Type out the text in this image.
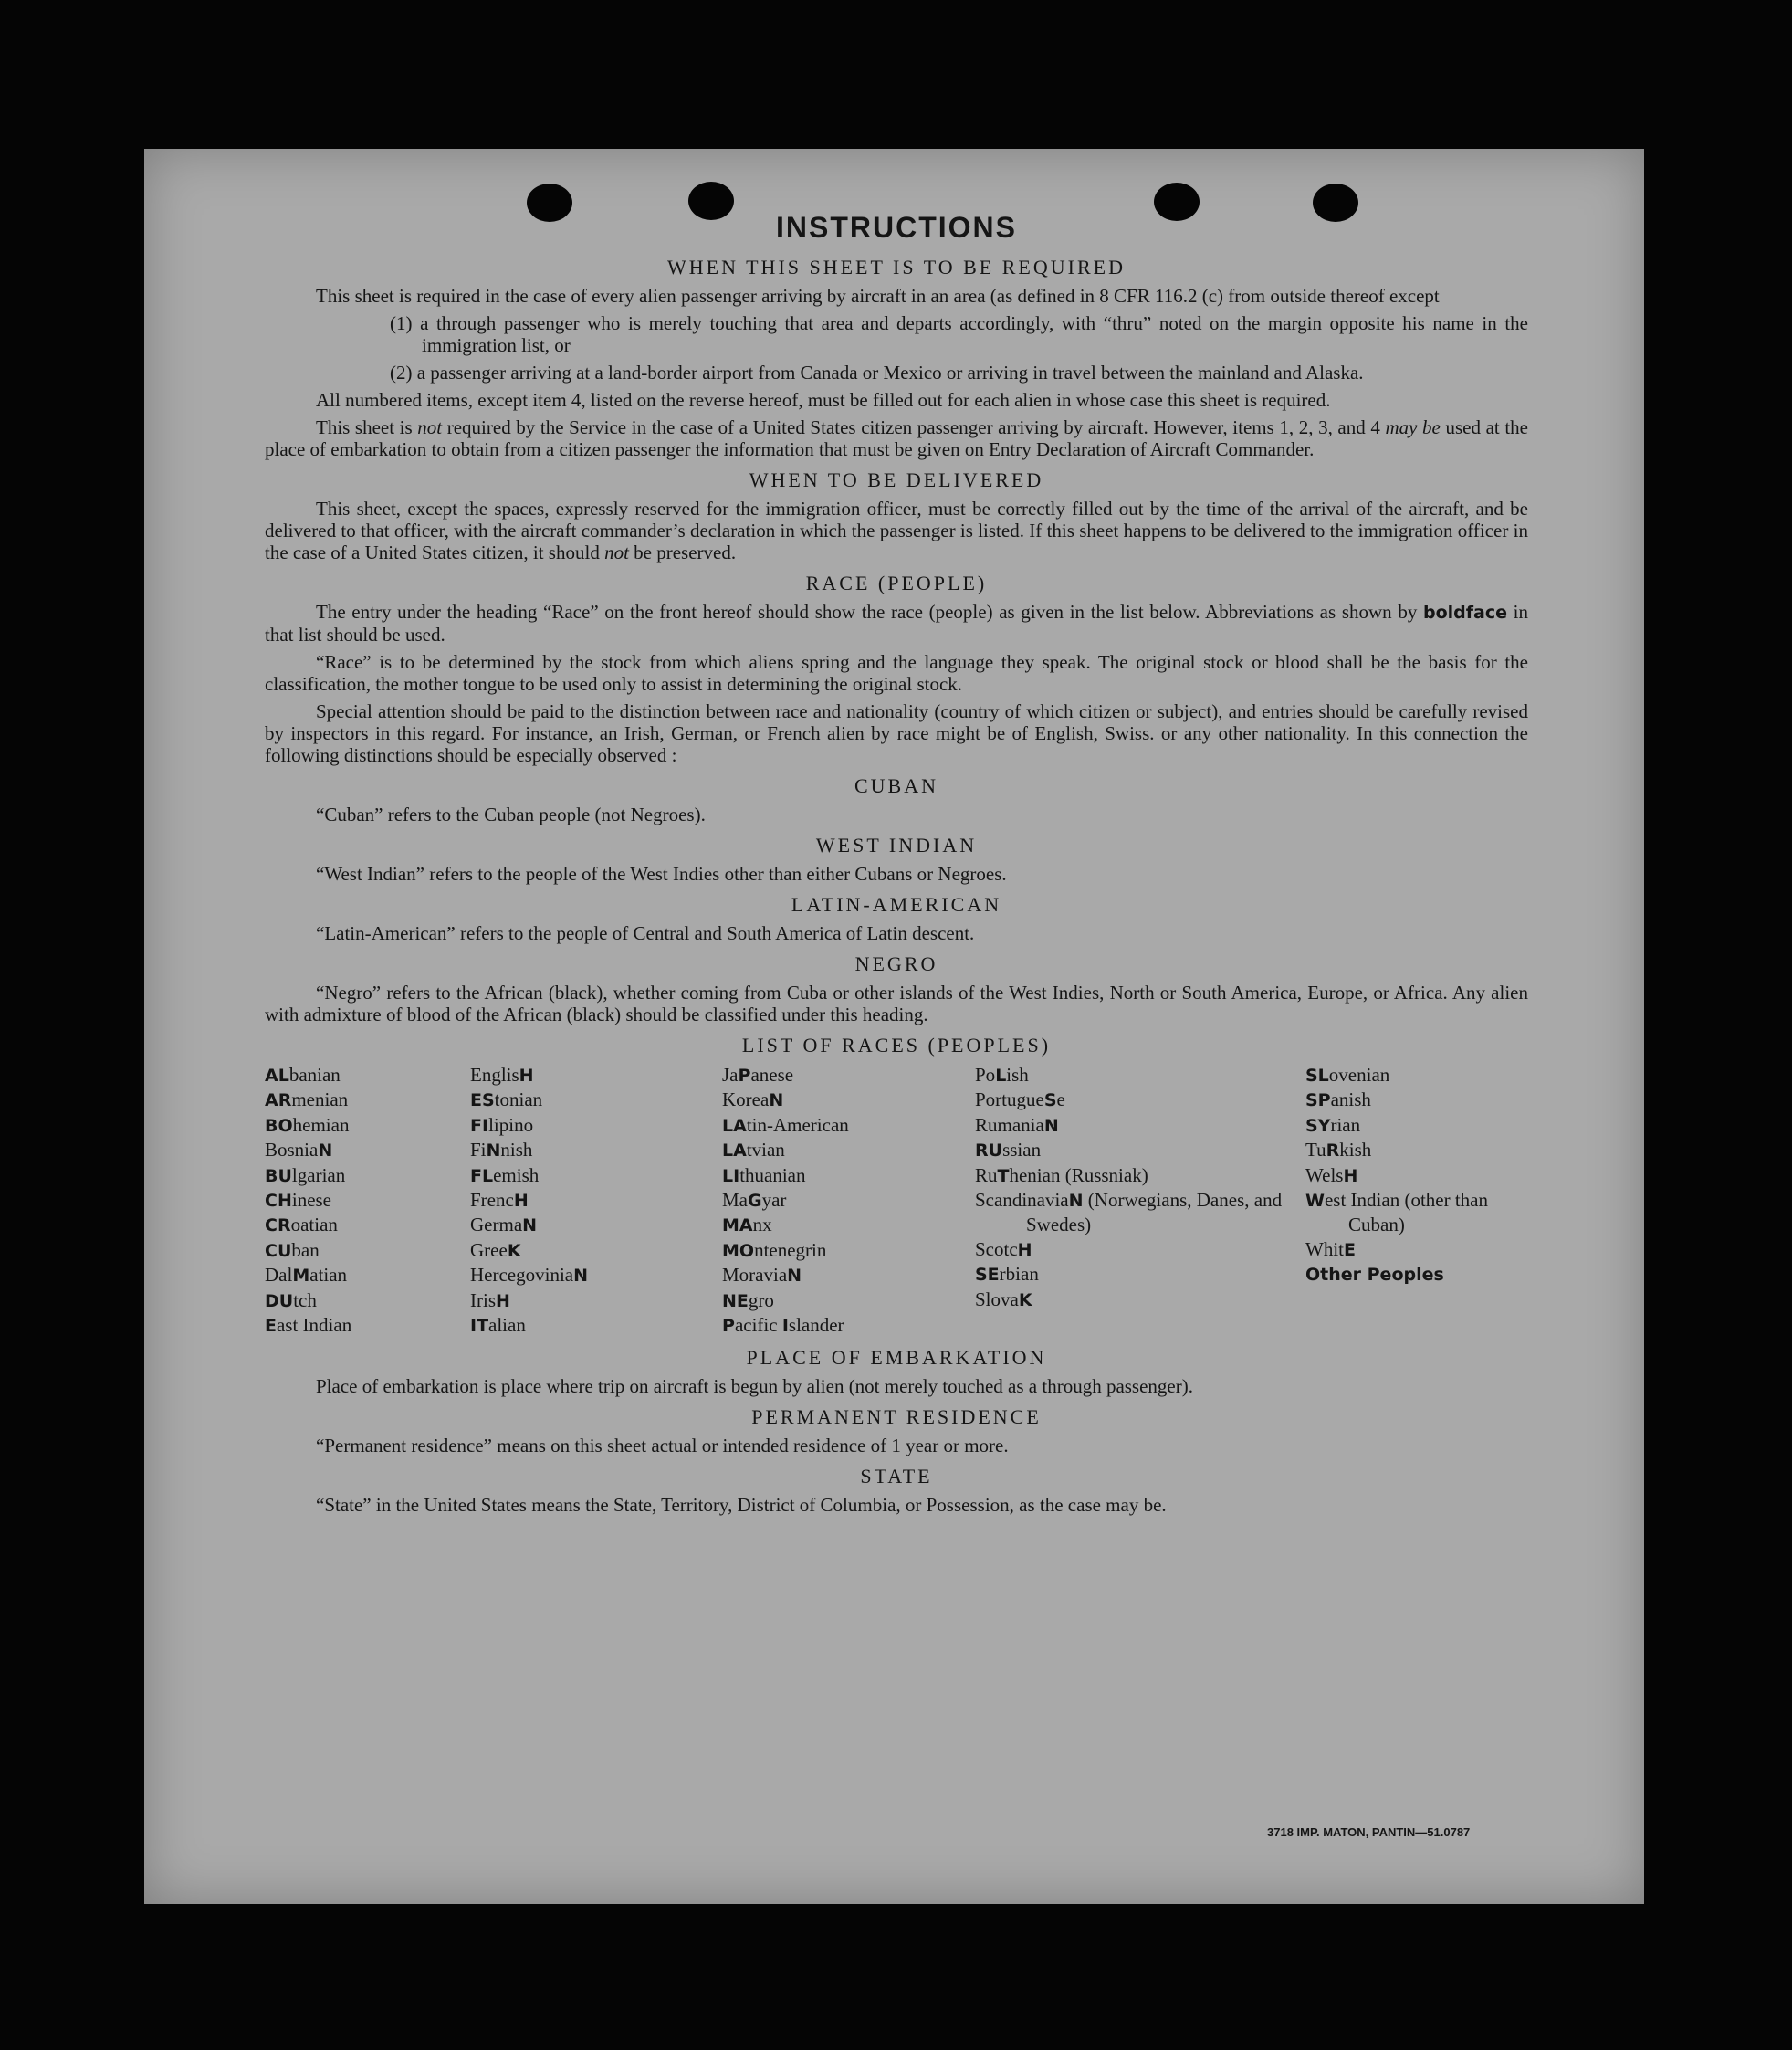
INSTRUCTIONS
WHEN THIS SHEET IS TO BE REQUIRED

This sheet is required in the case of every alien passenger arriving by aircraft in an area (as defined in 8 CFR 116.2 (c) from outside thereof except

(1) a through passenger who is merely touching that area and departs accordingly, with “thru” noted on the margin opposite his name in the immigration list, or

(2) a passenger arriving at a land-border airport from Canada or Mexico or arriving in travel between the mainland and Alaska.

All numbered items, except item 4, listed on the reverse hereof, must be filled out for each alien in whose case this sheet is required.

This sheet is not required by the Service in the case of a United States citizen passenger arriving by aircraft. However, items 1, 2, 3, and 4 may be used at the place of embarkation to obtain from a citizen passenger the information that must be given on Entry Declaration of Aircraft Commander.

WHEN TO BE DELIVERED

This sheet, except the spaces, expressly reserved for the immigration officer, must be correctly filled out by the time of the arrival of the aircraft, and be delivered to that officer, with the aircraft commander’s declaration in which the passenger is listed. If this sheet happens to be delivered to the immigration officer in the case of a United States citizen, it should not be preserved.

RACE (PEOPLE)

The entry under the heading “Race” on the front hereof should show the race (people) as given in the list below. Abbreviations as shown by boldface in that list should be used.

“Race” is to be determined by the stock from which aliens spring and the language they speak. The original stock or blood shall be the basis for the classification, the mother tongue to be used only to assist in determining the original stock.

Special attention should be paid to the distinction between race and nationality (country of which citizen or subject), and entries should be carefully revised by inspectors in this regard. For instance, an Irish, German, or French alien by race might be of English, Swiss. or any other nationality. In this connection the following distinctions should be especially observed :

CUBAN

“Cuban” refers to the Cuban people (not Negroes).

WEST INDIAN

“West Indian” refers to the people of the West Indies other than either Cubans or Negroes.

LATIN-AMERICAN

“Latin-American” refers to the people of Central and South America of Latin descent.

NEGRO

“Negro” refers to the African (black), whether coming from Cuba or other islands of the West Indies, North or South America, Europe, or Africa. Any alien with admixture of blood of the African (black) should be classified under this heading.

LIST OF RACES (PEOPLES)
ALbanian
ARmenian
BOhemian
BosniaN
BUlgarian
CHinese
CRoatian
CUban
DalMatian
DUtch
East Indian
EnglisH
EStonian
FIlipino
FiNnish
FLemish
FrencH
GermaN
GreeK
HercegoviniaN
IrisH
ITalian
JaPanese
KoreaN
LAtin-American
LAtvian
LIthuanian
MaGyar
MAnx
MOntenegrin
MoraviaN
NEgro
Pacific Islander
PoLish
PortugueSe
RumaniaN
RUssian
RuThenian (Russniak)
ScandinaviaN (Norwegians, Danes, and Swedes)
ScotcH
SErbian
SlovaK
SLovenian
SPanish
SYrian
TuRkish
WelsH
West Indian (other than Cuban)
WhitE
Other Peoples
PLACE OF EMBARKATION

Place of embarkation is place where trip on aircraft is begun by alien (not merely touched as a through passenger).

PERMANENT RESIDENCE

“Permanent residence” means on this sheet actual or intended residence of 1 year or more.

STATE

“State” in the United States means the State, Territory, District of Columbia, or Possession, as the case may be.

3718 IMP. MATON, PANTIN—51.0787
